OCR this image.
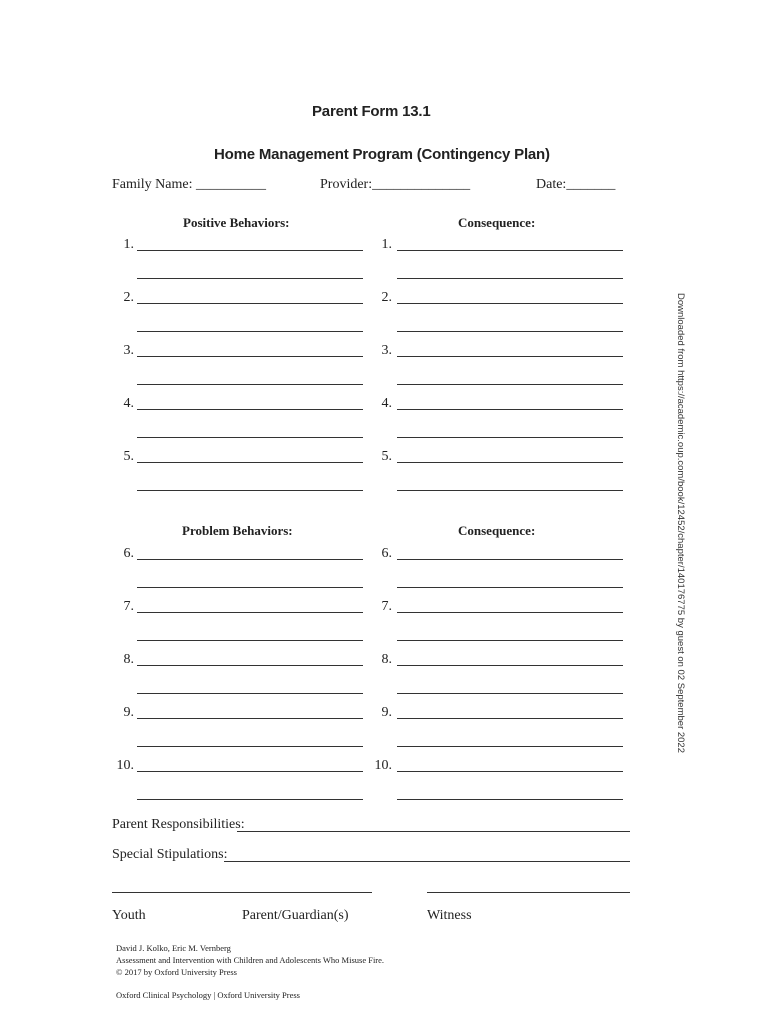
Parent Form 13.1
Home Management Program (Contingency Plan)
Family Name: __________	Provider:______________	Date:_______
Positive Behaviors:	Consequence:
1.	1.
2.	2.
3.	3.
4.	4.
5.	5.
Problem Behaviors:	Consequence:
6.	6.
7.	7.
8.	8.
9.	9.
10.	10.
Parent Responsibilities:
Special Stipulations:
Youth	Parent/Guardian(s)	Witness
David J. Kolko, Eric M. Vernberg
Assessment and Intervention with Children and Adolescents Who Misuse Fire.
© 2017 by Oxford University Press
Oxford Clinical Psychology | Oxford University Press
Downloaded from https://academic.oup.com/book/12452/chapter/140176775 by guest on 02 September 2022
